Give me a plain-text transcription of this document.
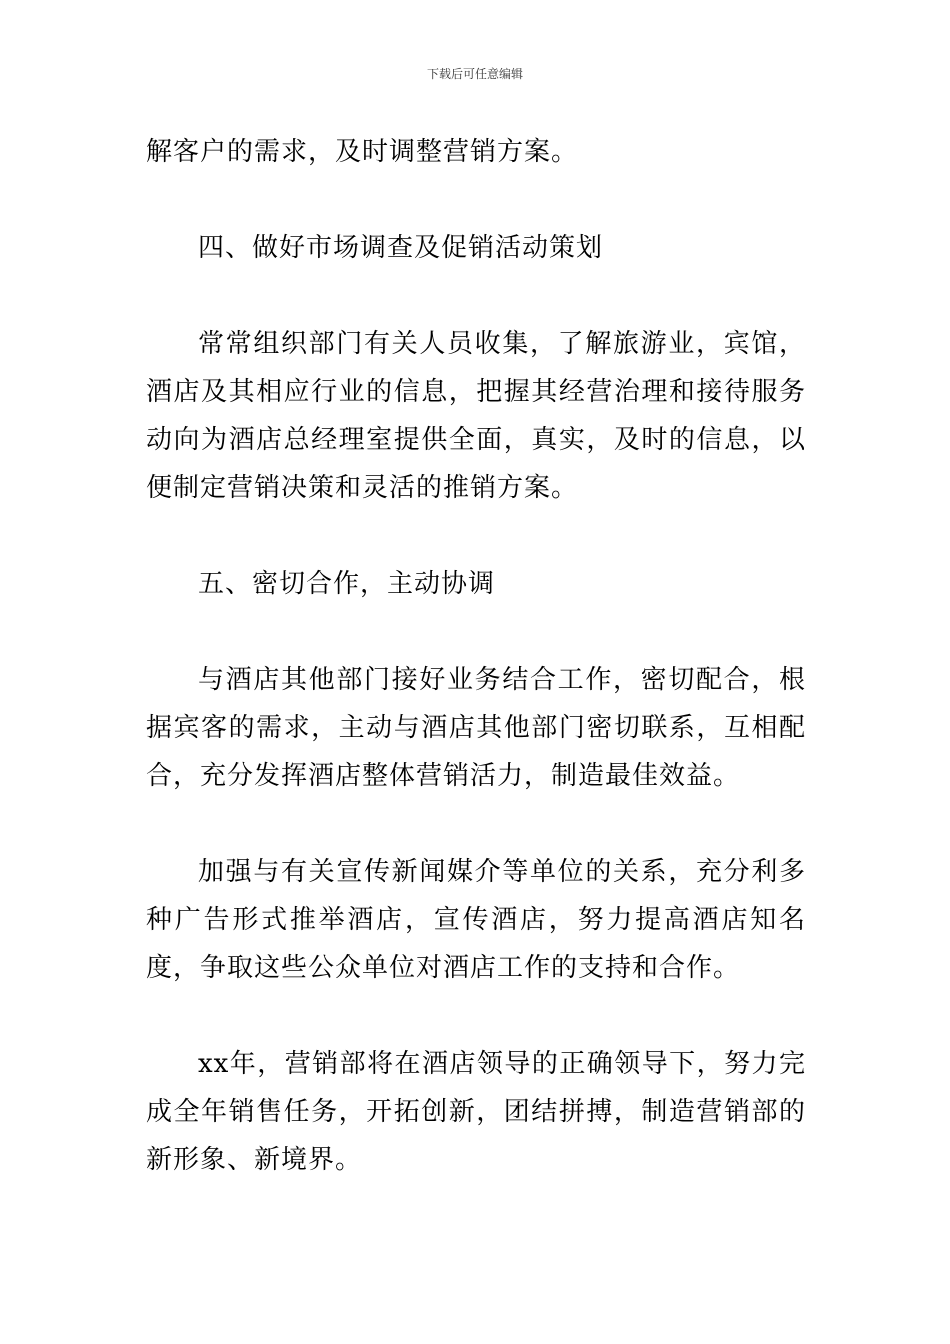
下载后可任意编辑

解客户的需求，及时调整营销方案。

四、做好市场调查及促销活动策划

常常组织部门有关人员收集，了解旅游业，宾馆，酒店及其相应行业的信息，把握其经营治理和接待服务动向为酒店总经理室提供全面，真实，及时的信息，以便制定营销决策和灵活的推销方案。

五、密切合作，主动协调

与酒店其他部门接好业务结合工作，密切配合，根据宾客的需求，主动与酒店其他部门密切联系，互相配合，充分发挥酒店整体营销活力，制造最佳效益。

加强与有关宣传新闻媒介等单位的关系，充分利多种广告形式推举酒店，宣传酒店，努力提高酒店知名度，争取这些公众单位对酒店工作的支持和合作。

xx年，营销部将在酒店领导的正确领导下，努力完成全年销售任务，开拓创新，团结拼搏，制造营销部的新形象、新境界。
